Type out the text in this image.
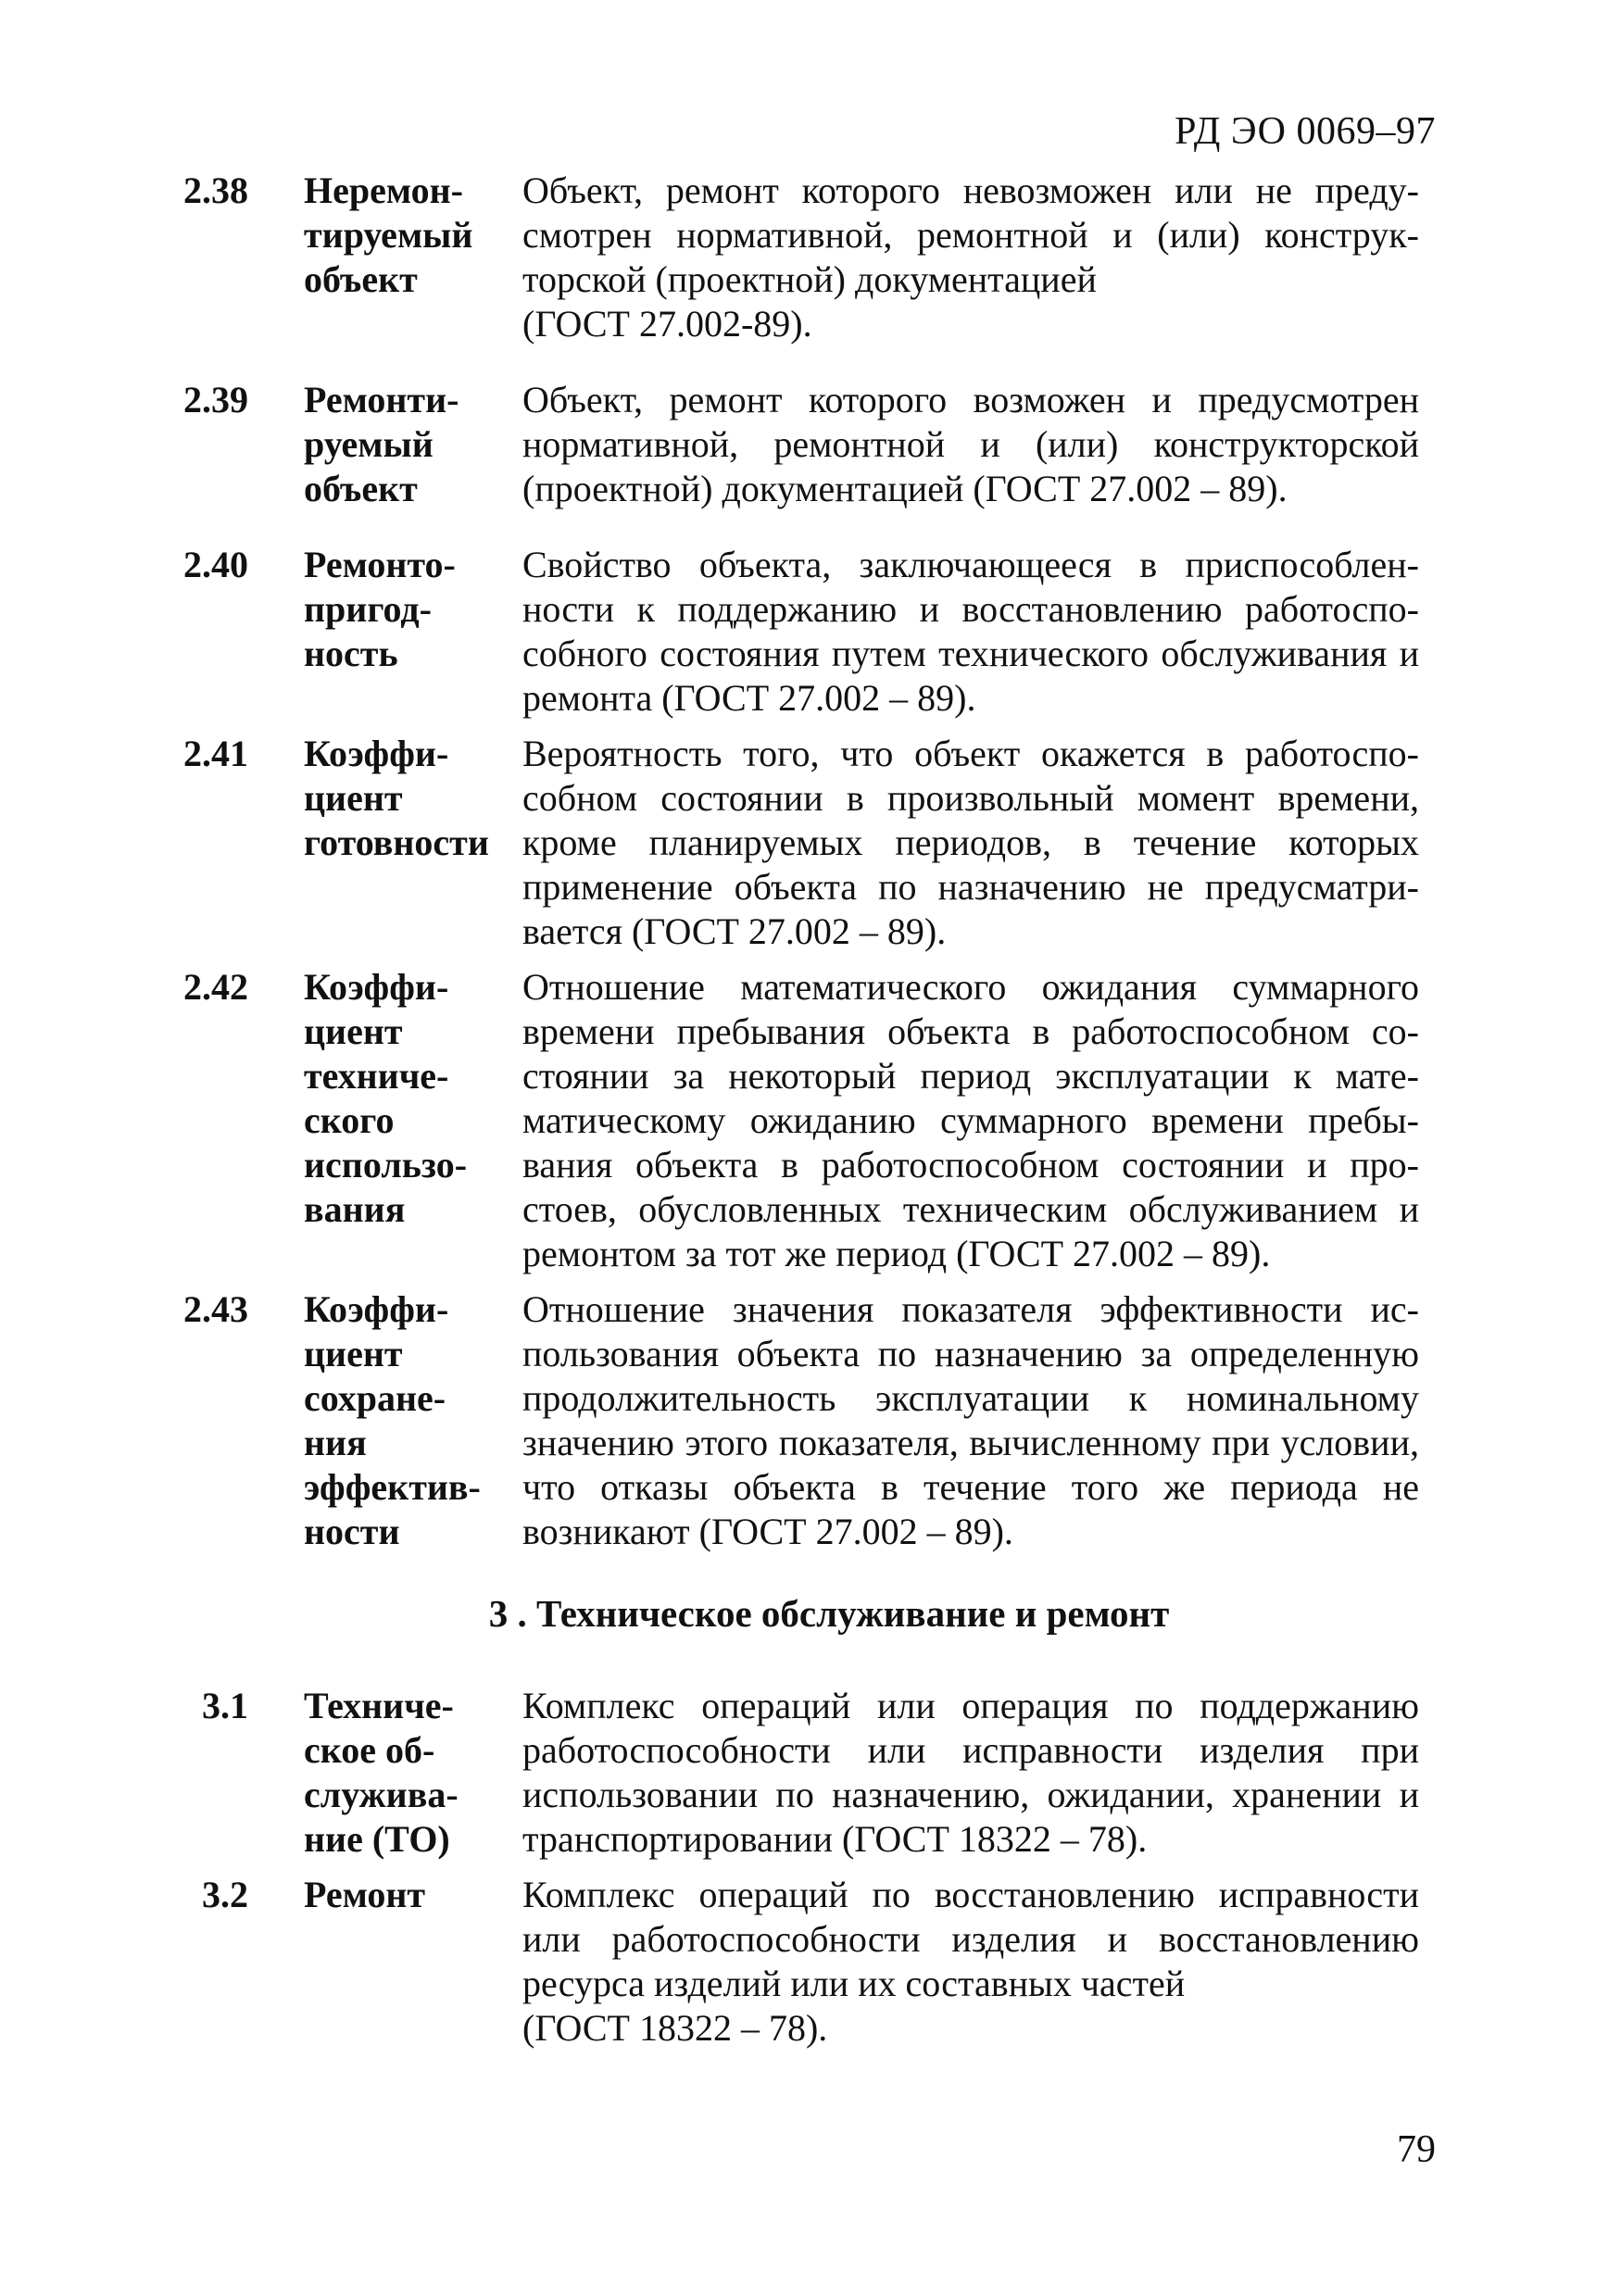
РД ЭО 0069–97
2.38 Неремон-
тируемый
объект
Объект, ремонт которого невозможен или не предусмотрен нормативной, ремонтной и (или) конструкторской (проектной) документацией
(ГОСТ 27.002-89).
2.39 Ремонти-
руемый
объект
Объект, ремонт которого возможен и предусмотрен нормативной, ремонтной и (или) конструкторской (проектной) документацией (ГОСТ 27.002 – 89).
2.40 Ремонто-
пригод-
ность
Свойство объекта, заключающееся в приспособленности к поддержанию и восстановлению работоспособного состояния путем технического обслуживания и ремонта (ГОСТ 27.002 – 89).
2.41 Коэффи-
циент
готовности
Вероятность того, что объект окажется в работоспособном состоянии в произвольный момент времени, кроме планируемых периодов, в течение которых применение объекта по назначению не предусматривается (ГОСТ 27.002 – 89).
2.42 Коэффи-
циент
техниче-
ского
использо-
вания
Отношение математического ожидания суммарного времени пребывания объекта в работоспособном состоянии за некоторый период эксплуатации к математическому ожиданию суммарного времени пребывания объекта в работоспособном состоянии и простоев, обусловленных техническим обслуживанием и ремонтом за тот же период (ГОСТ 27.002 – 89).
2.43 Коэффи-
циент
сохране-
ния
эффектив-
ности
Отношение значения показателя эффективности использования объекта по назначению за определенную продолжительность эксплуатации к номинальному значению этого показателя, вычисленному при условии, что отказы объекта в течение того же периода не возникают (ГОСТ 27.002 – 89).
3 . Техническое обслуживание и ремонт
3.1 Техниче-
ское об-
служива-
ние (ТО)
Комплекс операций или операция по поддержанию работоспособности или исправности изделия при использовании по назначению, ожидании, хранении и транспортировании (ГОСТ 18322 – 78).
3.2 Ремонт	Комплекс операций по восстановлению исправности или работоспособности изделия и восстановлению ресурса изделий или их составных частей
(ГОСТ 18322 – 78).
79
